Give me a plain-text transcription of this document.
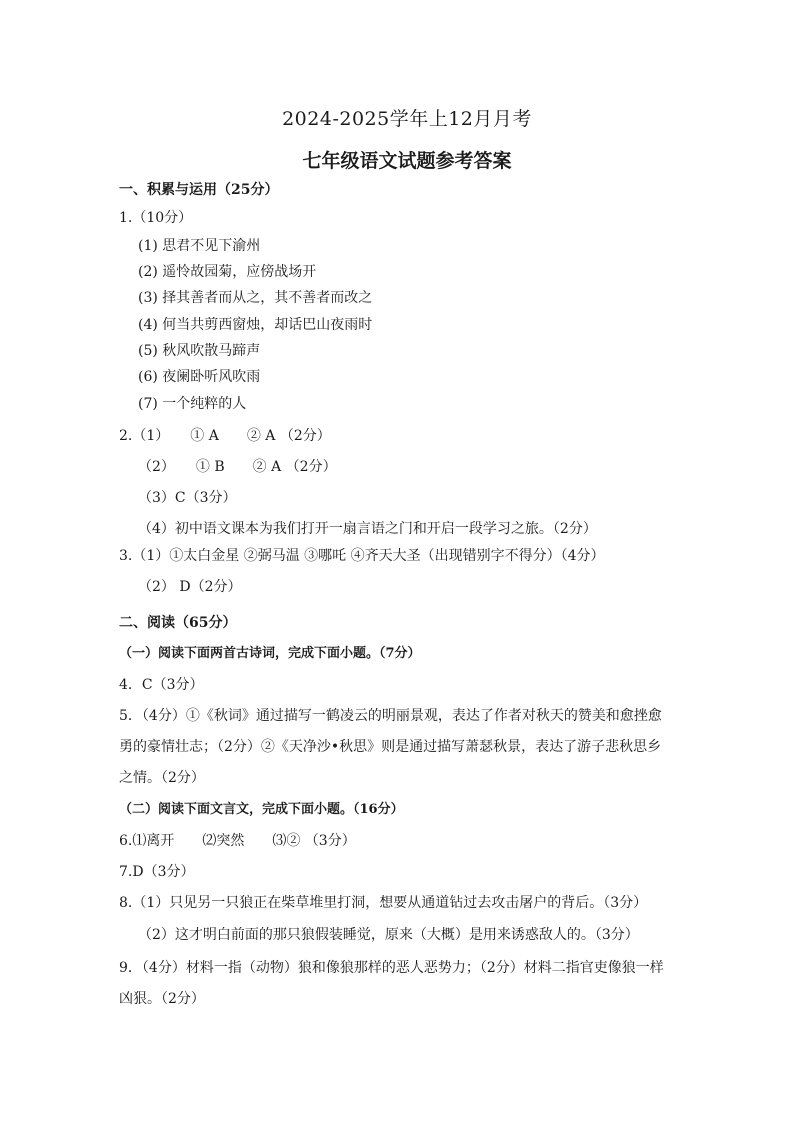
2024-2025学年上12月月考
七年级语文试题参考答案
一、积累与运用（25分）
1.（10分）
(1) 思君不见下渝州
(2) 遥怜故园菊，应傍战场开
(3) 择其善者而从之，其不善者而改之
(4) 何当共剪西窗烛，却话巴山夜雨时
(5) 秋风吹散马蹄声
(6) 夜阑卧听风吹雨
(7) 一个纯粹的人
2.（1）　　① A　　② A （2分）
（2）　　① B　　② A （2分）
（3）C（3分）
（4）初中语文课本为我们打开一扇言语之门和开启一段学习之旅。（2分）
3.（1）①太白金星 ②弼马温 ③哪吒 ④齐天大圣（出现错别字不得分）（4分）
（2） D（2分）
二、阅读（65分）
（一）阅读下面两首古诗词，完成下面小题。（7分）
4．C（3分）
5．（4分）①《秋词》通过描写一鹤凌云的明丽景观，表达了作者对秋天的赞美和愈挫愈
勇的豪情壮志；（2分）②《天净沙•秋思》则是通过描写萧瑟秋景，表达了游子悲秋思乡
之情。（2分）
（二）阅读下面文言文，完成下面小题。（16分）
6.⑴离开　　⑵突然　　⑶② （3分）
7.D（3分）
8.（1）只见另一只狼正在柴草堆里打洞，想要从通道钻过去攻击屠户的背后。（3分）
（2）这才明白前面的那只狼假装睡觉，原来（大概）是用来诱惑敌人的。（3分）
9．（4分）材料一指（动物）狼和像狼那样的恶人恶势力；（2分）材料二指官吏像狼一样
凶狠。（2分）
